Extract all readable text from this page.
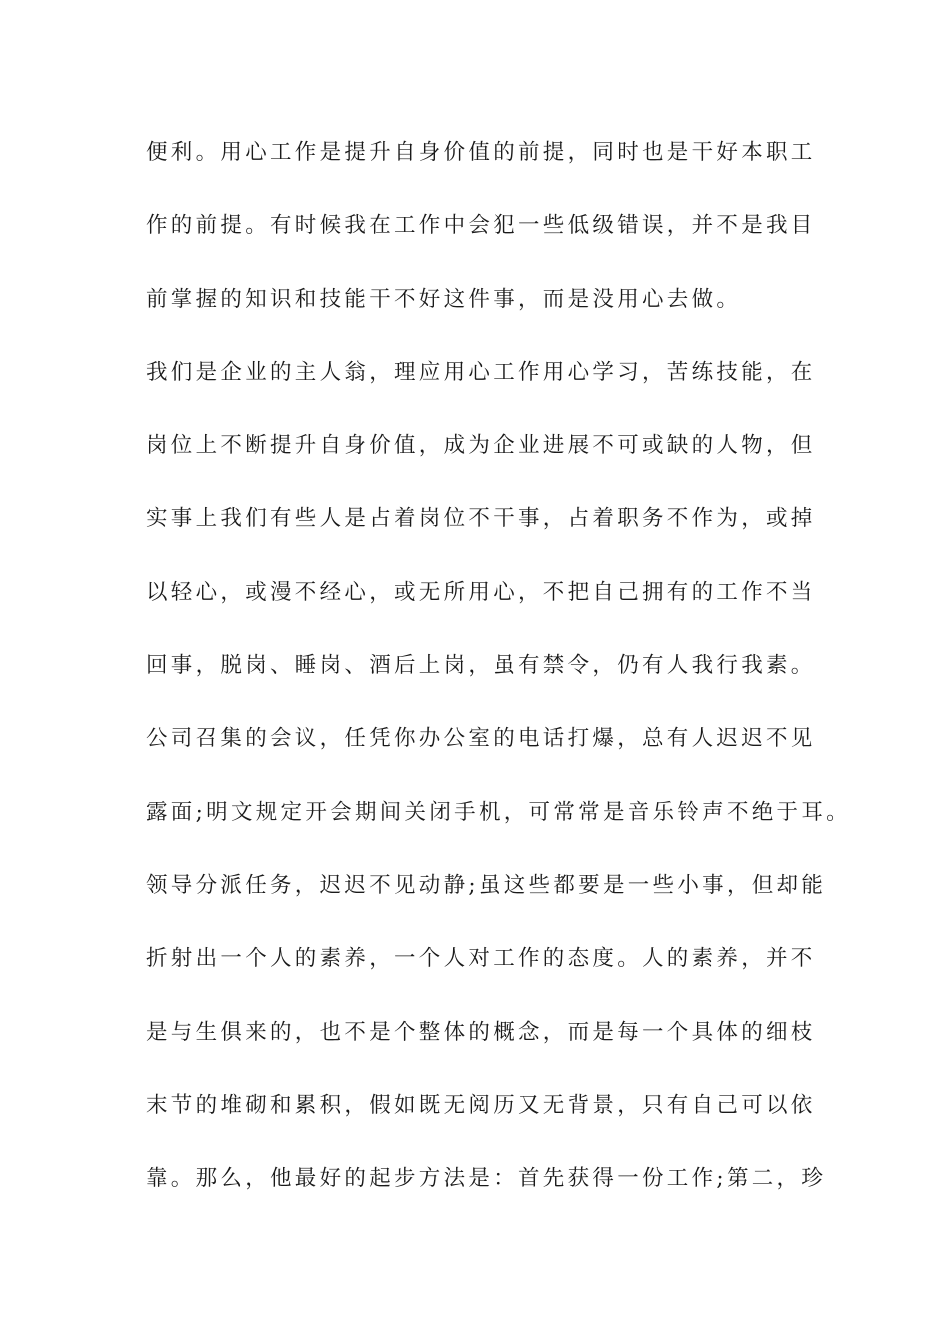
便利。用心工作是提升自身价值的前提，同时也是干好本职工
作的前提。有时候我在工作中会犯一些低级错误，并不是我目
前掌握的知识和技能干不好这件事，而是没用心去做。
我们是企业的主人翁，理应用心工作用心学习，苦练技能，在
岗位上不断提升自身价值，成为企业进展不可或缺的人物，但
实事上我们有些人是占着岗位不干事，占着职务不作为，或掉
以轻心，或漫不经心，或无所用心，不把自己拥有的工作不当
回事，脱岗、睡岗、酒后上岗，虽有禁令，仍有人我行我素。
公司召集的会议，任凭你办公室的电话打爆，总有人迟迟不见
露面;明文规定开会期间关闭手机，可常常是音乐铃声不绝于耳。
领导分派任务，迟迟不见动静;虽这些都要是一些小事，但却能
折射出一个人的素养，一个人对工作的态度。人的素养，并不
是与生俱来的，也不是个整体的概念，而是每一个具体的细枝
末节的堆砌和累积，假如既无阅历又无背景，只有自己可以依
靠。那么，他最好的起步方法是：首先获得一份工作;第二，珍
